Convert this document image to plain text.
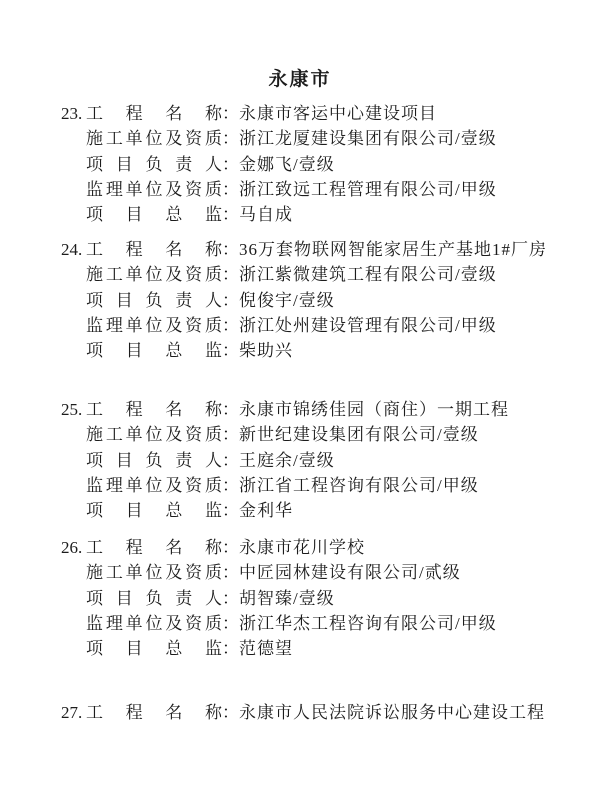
永康市
23. 工程名称：永康市客运中心建设项目
施工单位及资质：浙江龙厦建设集团有限公司/壹级
项目负责人：金娜飞/壹级
监理单位及资质：浙江致远工程管理有限公司/甲级
项目总监：马自成
24. 工程名称：36万套物联网智能家居生产基地1#厂房
施工单位及资质：浙江紫微建筑工程有限公司/壹级
项目负责人：倪俊宇/壹级
监理单位及资质：浙江处州建设管理有限公司/甲级
项目总监：柴助兴
25. 工程名称：永康市锦绣佳园（商住）一期工程
施工单位及资质：新世纪建设集团有限公司/壹级
项目负责人：王庭余/壹级
监理单位及资质：浙江省工程咨询有限公司/甲级
项目总监：金利华
26. 工程名称：永康市花川学校
施工单位及资质：中匠园林建设有限公司/贰级
项目负责人：胡智臻/壹级
监理单位及资质：浙江华杰工程咨询有限公司/甲级
项目总监：范德望
27. 工程名称：永康市人民法院诉讼服务中心建设工程
